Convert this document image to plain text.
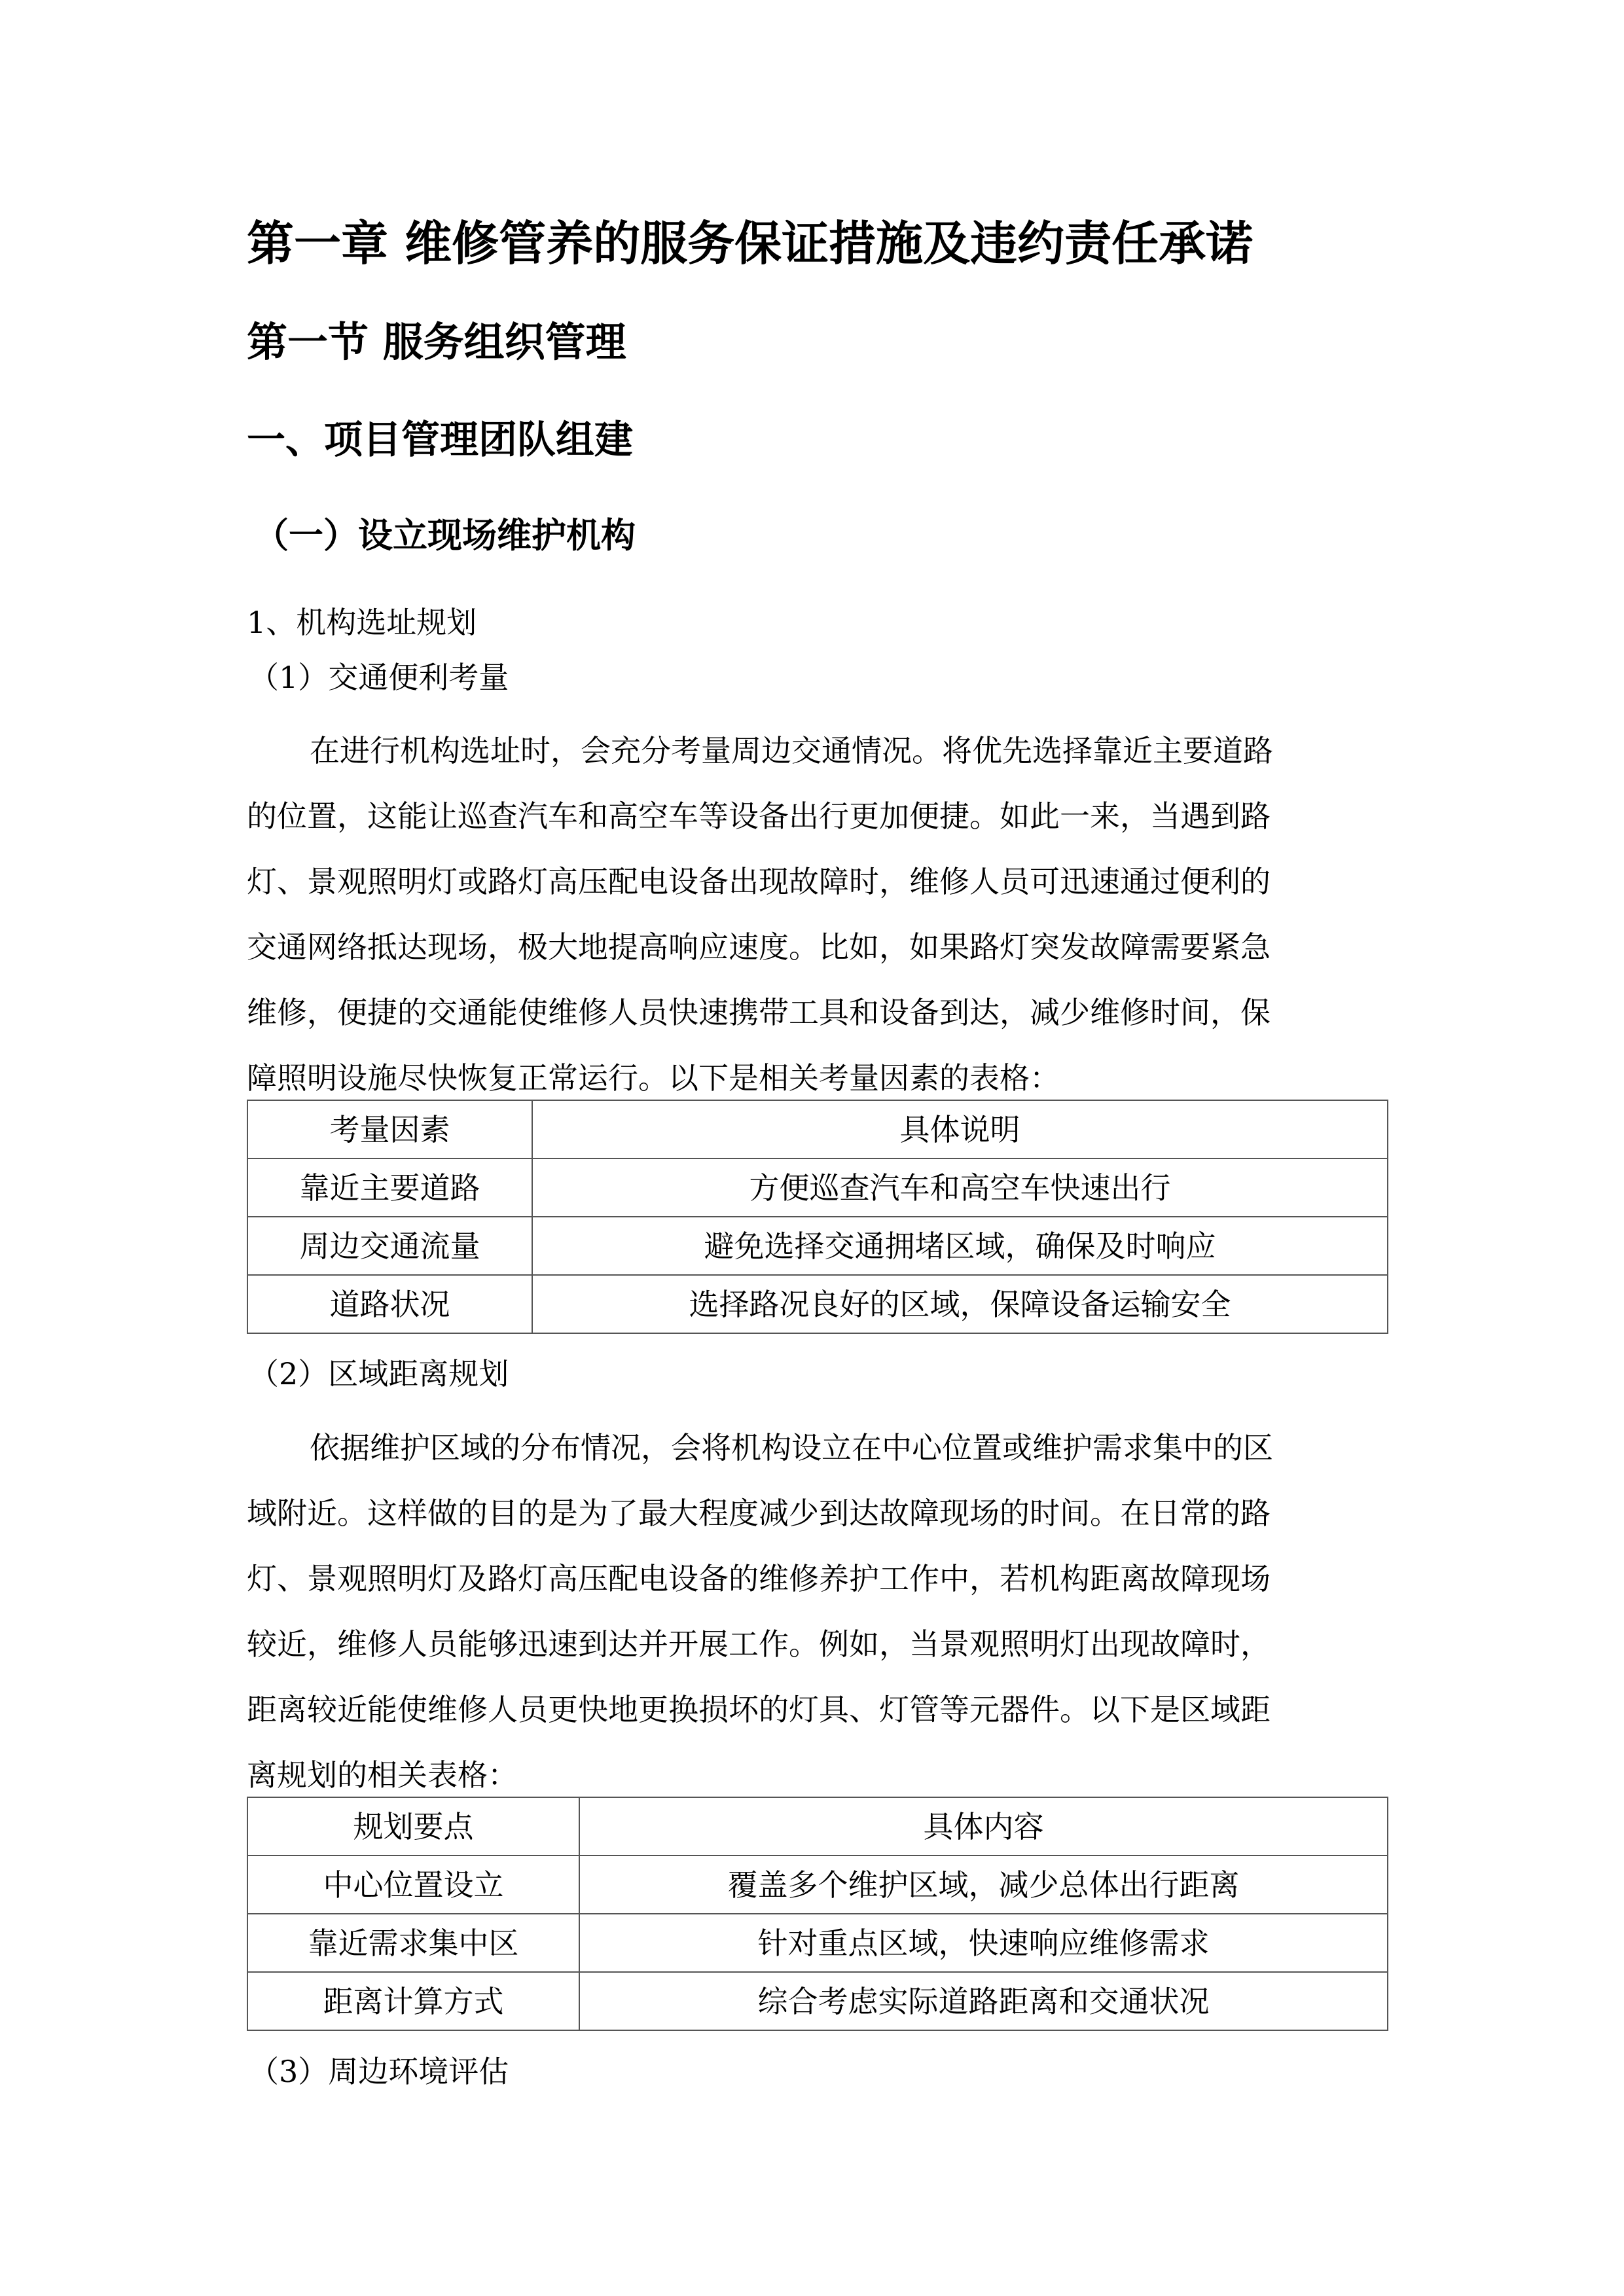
第一章 维修管养的服务保证措施及违约责任承诺
第一节 服务组织管理
一、项目管理团队组建
（一）设立现场维护机构
1、机构选址规划
（1）交通便利考量
在进行机构选址时，会充分考量周边交通情况。将优先选择靠近主要道路
的位置，这能让巡查汽车和高空车等设备出行更加便捷。如此一来，当遇到路
灯、景观照明灯或路灯高压配电设备出现故障时，维修人员可迅速通过便利的
交通网络抵达现场，极大地提高响应速度。比如，如果路灯突发故障需要紧急
维修，便捷的交通能使维修人员快速携带工具和设备到达，减少维修时间，保
障照明设施尽快恢复正常运行。以下是相关考量因素的表格：
考量因素	具体说明
靠近主要道路	方便巡查汽车和高空车快速出行
周边交通流量	避免选择交通拥堵区域，确保及时响应
道路状况	选择路况良好的区域，保障设备运输安全
（2）区域距离规划
依据维护区域的分布情况，会将机构设立在中心位置或维护需求集中的区
域附近。这样做的目的是为了最大程度减少到达故障现场的时间。在日常的路
灯、景观照明灯及路灯高压配电设备的维修养护工作中，若机构距离故障现场
较近，维修人员能够迅速到达并开展工作。例如，当景观照明灯出现故障时，
距离较近能使维修人员更快地更换损坏的灯具、灯管等元器件。以下是区域距
离规划的相关表格：
规划要点	具体内容
中心位置设立	覆盖多个维护区域，减少总体出行距离
靠近需求集中区	针对重点区域，快速响应维修需求
距离计算方式	综合考虑实际道路距离和交通状况
（3）周边环境评估
